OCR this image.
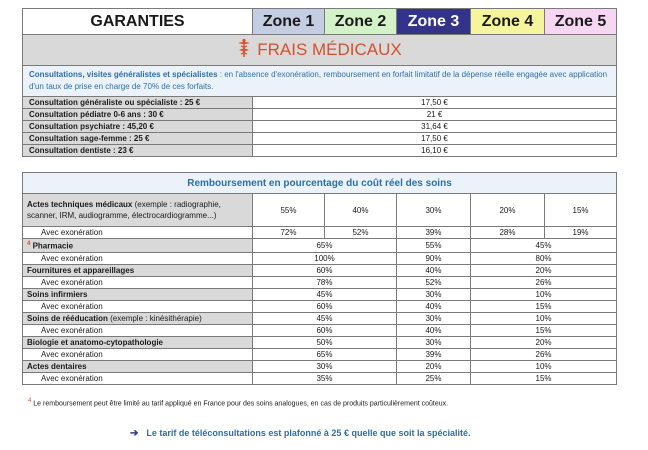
GARANTIES	Zone 1	Zone 2	Zone 3	Zone 4	Zone 5
FRAIS MÉDICAUX					
Consultations, visites généralistes et spécialistes : en l'absence d'exonération, remboursement en forfait limitatif de la dépense réelle engagée avec application d'un taux de prise en charge de 70% de ces forfaits.					
Consultation généraliste ou spécialiste : 25 €	17,50 €				
Consultation pédiatre 0-6 ans : 30 €	21 €				
Consultation psychiatre : 45,20 €	31,64 €				
Consultation sage-femme : 25 €	17,50 €				
Consultation dentiste : 23 €	16,10 €				
Remboursement en pourcentage du coût réel des soins					
Actes techniques médicaux (exemple : radiographie, scanner, IRM, audiogramme, électrocardiogramme...)	55%	40%	30%	20%	15%
Avec exonération	72%	52%	39%	28%	19%
$^4$ Pharmacie	65%		55%	45%	
Avec exonération	100%		90%	80%	
Fournitures et appareillages	60%		40%	20%	
Avec exonération	78%		52%	26%	
Soins infirmiers	45%		30%	10%	
Avec exonération	60%		40%	15%	
Soins de rééducation (exemple : kinésithérapie)	45%		30%	10%	
Avec exonération	60%		40%	15%	
Biologie et anatomo-cytopathologie	50%		30%	20%	
Avec exonération	65%		39%	26%	
Actes dentaires	30%		20%	10%	
Avec exonération	35%		25%	15%	
$^4$ Le remboursement peut être limité au tarif appliqué en France pour des soins analogues, en cas de produits particulièrement coûteux.
➔ Le tarif de téléconsultations est plafonné à 25 € quelle que soit la spécialité.
